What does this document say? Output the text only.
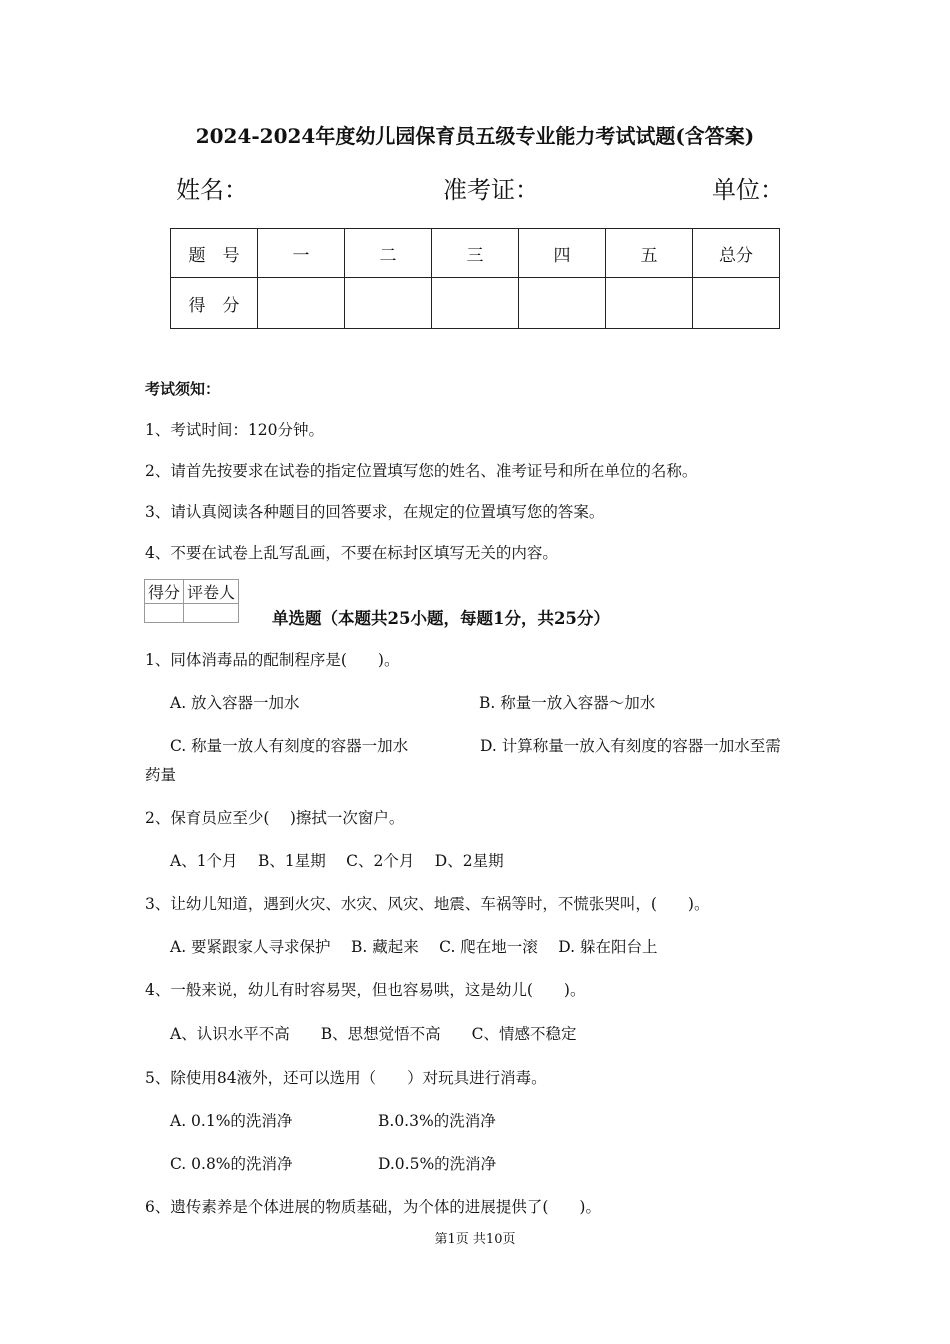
2024-2024年度幼儿园保育员五级专业能力考试试题(含答案)
姓名：	准考证：	单位：
题　号	一	二	三	四	五	总分
得　分						
考试须知：
1、考试时间：120分钟。
2、请首先按要求在试卷的指定位置填写您的姓名、准考证号和所在单位的名称。
3、请认真阅读各种题目的回答要求，在规定的位置填写您的答案。
4、不要在试卷上乱写乱画，不要在标封区填写无关的内容。
得分	评卷人

单选题（本题共25小题，每题1分，共25分）
1、同体消毒品的配制程序是(　　)。
A. 放入容器一加水	B. 称量一放入容器～加水
C. 称量一放人有刻度的容器一加水	D. 计算称量一放入有刻度的容器一加水至需
药量
2、保育员应至少(　 )擦拭一次窗户。
A、1个月　 B、1星期　 C、2个月　 D、2星期
3、让幼儿知道，遇到火灾、水灾、风灾、地震、车祸等时，不慌张哭叫，(　　)。
A. 要紧跟家人寻求保护　 B. 藏起来　 C. 爬在地一滚　 D. 躲在阳台上
4、一般来说，幼儿有时容易哭，但也容易哄，这是幼儿(　　)。
A、认识水平不高　　B、思想觉悟不高　　C、情感不稳定
5、除使用84液外，还可以选用（　　）对玩具进行消毒。
A. 0.1%的洗消净	B.0.3%的洗消净
C. 0.8%的洗消净	D.0.5%的洗消净
6、遗传素养是个体进展的物质基础，为个体的进展提供了(　　)。
第1页 共10页
